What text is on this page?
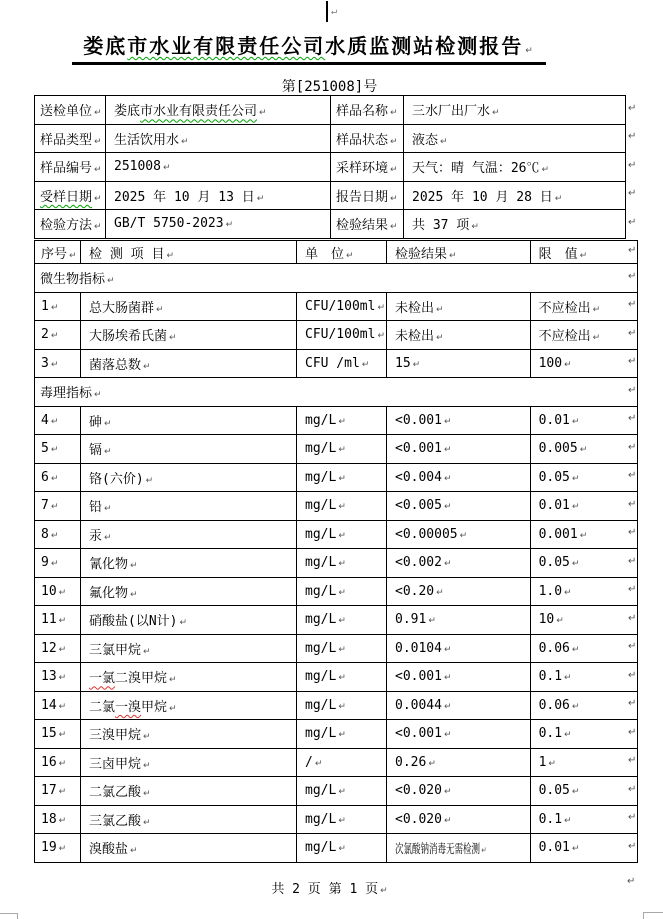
↵
娄底市水业有限责任公司水质监测站检测报告 ↵
第[251008]号
送检单位 ↵	娄底市水业有限责任公司 ↵	样品名称 ↵	三水厂出厂水 ↵
样品类型 ↵	生活饮用水 ↵	样品状态 ↵	液态 ↵
样品编号 ↵	251008 ↵	采样环境 ↵	天气：晴 气温：26℃ ↵
受样日期 ↵	2025 年 10 月 13 日 ↵	报告日期 ↵	2025 年 10 月 28 日 ↵
检验方法 ↵	GB/T 5750-2023 ↵	检验结果 ↵	共 37 项 ↵
序号 ↵	检 测 项 目 ↵	单　位 ↵	检验结果 ↵	限　值 ↵
微生物指标 ↵				
1 ↵	总大肠菌群 ↵	CFU/100ml ↵	未检出 ↵	不应检出 ↵
2 ↵	大肠埃希氏菌 ↵	CFU/100ml ↵	未检出 ↵	不应检出 ↵
3 ↵	菌落总数 ↵	CFU /ml ↵	15 ↵	100 ↵
毒理指标 ↵				
4 ↵	砷 ↵	mg/L ↵	<0.001 ↵	0.01 ↵
5 ↵	镉 ↵	mg/L ↵	<0.001 ↵	0.005 ↵
6 ↵	铬(六价) ↵	mg/L ↵	<0.004 ↵	0.05 ↵
7 ↵	铅 ↵	mg/L ↵	<0.005 ↵	0.01 ↵
8 ↵	汞 ↵	mg/L ↵	<0.00005 ↵	0.001 ↵
9 ↵	氰化物 ↵	mg/L ↵	<0.002 ↵	0.05 ↵
10 ↵	氟化物 ↵	mg/L ↵	<0.20 ↵	1.0 ↵
11 ↵	硝酸盐(以N计) ↵	mg/L ↵	0.91 ↵	10 ↵
12 ↵	三氯甲烷 ↵	mg/L ↵	0.0104 ↵	0.06 ↵
13 ↵	一氯二溴甲烷 ↵	mg/L ↵	<0.001 ↵	0.1 ↵
14 ↵	二氯一溴甲烷 ↵	mg/L ↵	0.0044 ↵	0.06 ↵
15 ↵	三溴甲烷 ↵	mg/L ↵	<0.001 ↵	0.1 ↵
16 ↵	三卤甲烷 ↵	/ ↵	0.26 ↵	1 ↵
17 ↵	二氯乙酸 ↵	mg/L ↵	<0.020 ↵	0.05 ↵
18 ↵	三氯乙酸 ↵	mg/L ↵	<0.020 ↵	0.1 ↵
19 ↵	溴酸盐 ↵	mg/L ↵	次氯酸钠消毒无需检测↵	0.01 ↵
共 2 页 第 1 页 ↵
↵
↵
↵
↵
↵
↵
↵
↵
↵
↵
↵
↵
↵
↵
↵
↵
↵
↵
↵
↵
↵
↵
↵
↵
↵
↵
↵
↵
